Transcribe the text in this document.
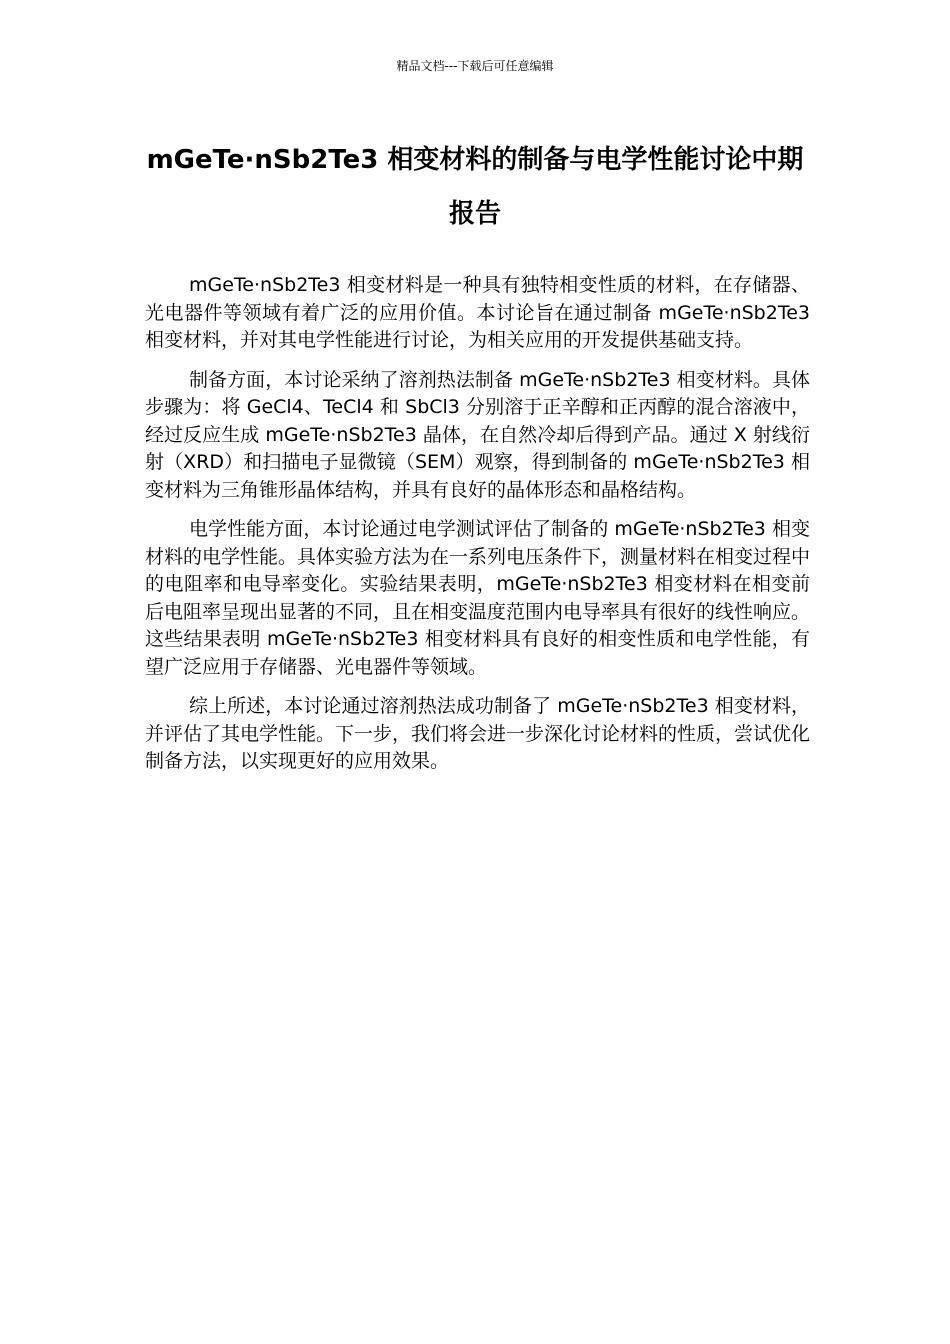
精品文档---下载后可任意编辑
mGeTe·nSb2Te3 相变材料的制备与电学性能讨论中期报告

mGeTe·nSb2Te3 相变材料是一种具有独特相变性质的材料，在存储器、光电器件等领域有着广泛的应用价值。本讨论旨在通过制备 mGeTe·nSb2Te3 相变材料，并对其电学性能进行讨论，为相关应用的开发提供基础支持。

制备方面，本讨论采纳了溶剂热法制备 mGeTe·nSb2Te3 相变材料。具体步骤为：将 GeCl4、TeCl4 和 SbCl3 分别溶于正辛醇和正丙醇的混合溶液中，经过反应生成 mGeTe·nSb2Te3 晶体，在自然冷却后得到产品。通过 X 射线衍射（XRD）和扫描电子显微镜（SEM）观察，得到制备的 mGeTe·nSb2Te3 相变材料为三角锥形晶体结构，并具有良好的晶体形态和晶格结构。

电学性能方面，本讨论通过电学测试评估了制备的 mGeTe·nSb2Te3 相变材料的电学性能。具体实验方法为在一系列电压条件下，测量材料在相变过程中的电阻率和电导率变化。实验结果表明，mGeTe·nSb2Te3 相变材料在相变前后电阻率呈现出显著的不同，且在相变温度范围内电导率具有很好的线性响应。这些结果表明 mGeTe·nSb2Te3 相变材料具有良好的相变性质和电学性能，有望广泛应用于存储器、光电器件等领域。

综上所述，本讨论通过溶剂热法成功制备了 mGeTe·nSb2Te3 相变材料，并评估了其电学性能。下一步，我们将会进一步深化讨论材料的性质，尝试优化制备方法，以实现更好的应用效果。
